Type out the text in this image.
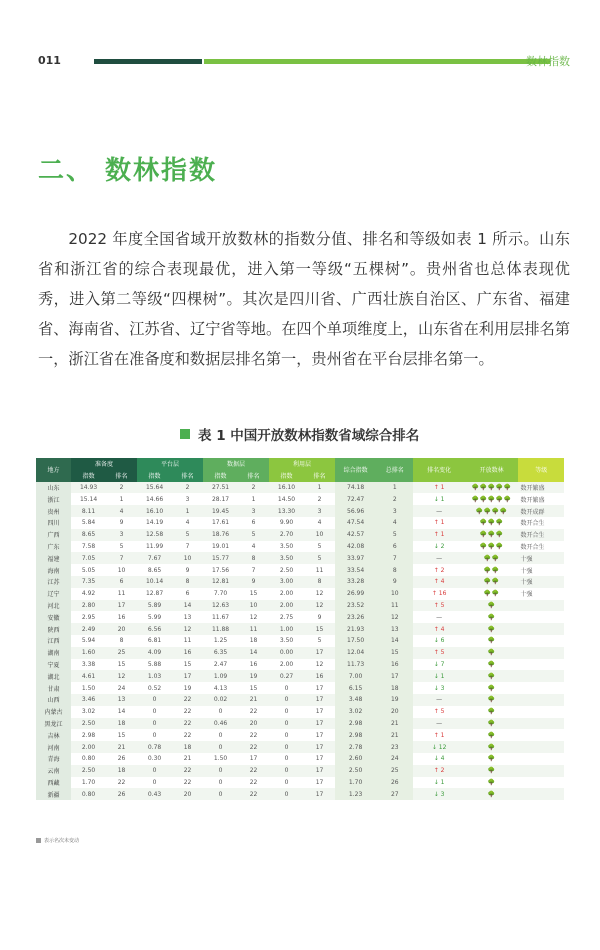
011	数林指数
二、 数林指数

2022 年度全国省域开放数林的指数分值、排名和等级如表 1 所示。山东省和浙江省的综合表现最优，进入第一等级“五棵树”。贵州省也总体表现优秀，进入第二等级“四棵树”。其次是四川省、广西壮族自治区、广东省、福建省、海南省、江苏省、辽宁省等地。在四个单项维度上，山东省在利用层排名第一，浙江省在准备度和数据层排名第一，贵州省在平台层排名第一。

表 1 中国开放数林指数省域综合排名
地方	准备度		平台层		数据层		利用层		综合指数	总排名	排名变化	开放数林	等级
	指数	排名	指数	排名	指数	排名	指数	排名					
山东	14.93	2	15.64	2	27.51	2	16.10	1	74.18	1	↑ 1	🌳🌳🌳🌳🌳	数开繁盛
浙江	15.14	1	14.66	3	28.17	1	14.50	2	72.47	2	↓ 1	🌳🌳🌳🌳🌳	数开繁盛
贵州	8.11	4	16.10	1	19.45	3	13.30	3	56.96	3	—	🌳🌳🌳🌳	数开成群
四川	5.84	9	14.19	4	17.61	6	9.90	4	47.54	4	↑ 1	🌳🌳🌳	数开合生
广西	8.65	3	12.58	5	18.76	5	2.70	10	42.57	5	↑ 1	🌳🌳🌳	数开合生
广东	7.58	5	11.99	7	19.01	4	3.50	5	42.08	6	↓ 2	🌳🌳🌳	数开合生
福建	7.05	7	7.67	10	15.77	8	3.50	5	33.97	7	—	🌳🌳	十强
海南	5.05	10	8.65	9	17.56	7	2.50	11	33.54	8	↑ 2	🌳🌳	十强
江苏	7.35	6	10.14	8	12.81	9	3.00	8	33.28	9	↑ 4	🌳🌳	十强
辽宁	4.92	11	12.87	6	7.70	15	2.00	12	26.99	10	↑ 16	🌳🌳	十强
河北	2.80	17	5.89	14	12.63	10	2.00	12	23.52	11	↑ 5	🌳	
安徽	2.95	16	5.99	13	11.67	12	2.75	9	23.26	12	—	🌳	
陕西	2.49	20	6.56	12	11.88	11	1.00	15	21.93	13	↑ 4	🌳	
江西	5.94	8	6.81	11	1.25	18	3.50	5	17.50	14	↓ 6	🌳	
湖南	1.60	25	4.09	16	6.35	14	0.00	17	12.04	15	↑ 5	🌳	
宁夏	3.38	15	5.88	15	2.47	16	2.00	12	11.73	16	↓ 7	🌳	
湖北	4.61	12	1.03	17	1.09	19	0.27	16	7.00	17	↓ 1	🌳	
甘肃	1.50	24	0.52	19	4.13	15	0	17	6.15	18	↓ 3	🌳	
山西	3.46	13	0	22	0.02	21	0	17	3.48	19	—	🌳	
内蒙古	3.02	14	0	22	0	22	0	17	3.02	20	↑ 5	🌳	
黑龙江	2.50	18	0	22	0.46	20	0	17	2.98	21	—	🌳	
吉林	2.98	15	0	22	0	22	0	17	2.98	21	↑ 1	🌳	
河南	2.00	21	0.78	18	0	22	0	17	2.78	23	↓ 12	🌳	
青海	0.80	26	0.30	21	1.50	17	0	17	2.60	24	↓ 4	🌳	
云南	2.50	18	0	22	0	22	0	17	2.50	25	↑ 2	🌳	
西藏	1.70	22	0	22	0	22	0	17	1.70	26	↓ 1	🌳	
新疆	0.80	26	0.43	20	0	22	0	17	1.23	27	↓ 3	🌳	
表示名次未变动
